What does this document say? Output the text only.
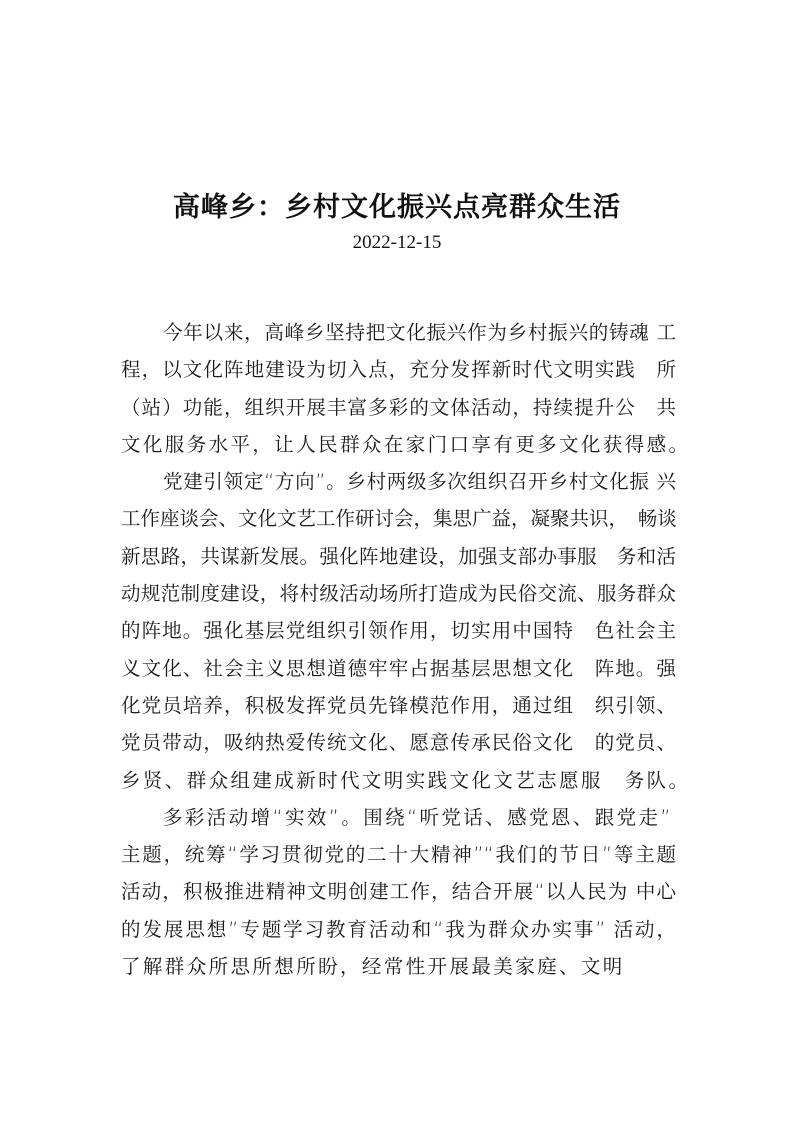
高峰乡：乡村文化振兴点亮群众生活
2022-12-15
今年以来，高峰乡坚持把文化振兴作为乡村振兴的铸魂 工
程，以文化阵地建设为切入点，充分发挥新时代文明实践　所
（站）功能，组织开展丰富多彩的文体活动，持续提升公　共
文化服务水平，让人民群众在家门口享有更多文化获得感。
党建引领定“方向”。乡村两级多次组织召开乡村文化振 兴
工作座谈会、文化文艺工作研讨会，集思广益，凝聚共识，　畅谈
新思路，共谋新发展。强化阵地建设，加强支部办事服　务和活
动规范制度建设，将村级活动场所打造成为民俗交流、服务群众
的阵地。强化基层党组织引领作用，切实用中国特　色社会主
义文化、社会主义思想道德牢牢占据基层思想文化　阵地。强
化党员培养，积极发挥党员先锋模范作用，通过组　织引领、
党员带动，吸纳热爱传统文化、愿意传承民俗文化　的党员、
乡贤、群众组建成新时代文明实践文化文艺志愿服　务队。
多彩活动增“实效”。围绕“听党话、感党恩、跟党走”
主题，统筹“学习贯彻党的二十大精神”“我们的节日”等主题
活动，积极推进精神文明创建工作，结合开展“以人民为 中心
的发展思想”专题学习教育活动和“我为群众办实事” 活动，
了解群众所思所想所盼，经常性开展最美家庭、文明
